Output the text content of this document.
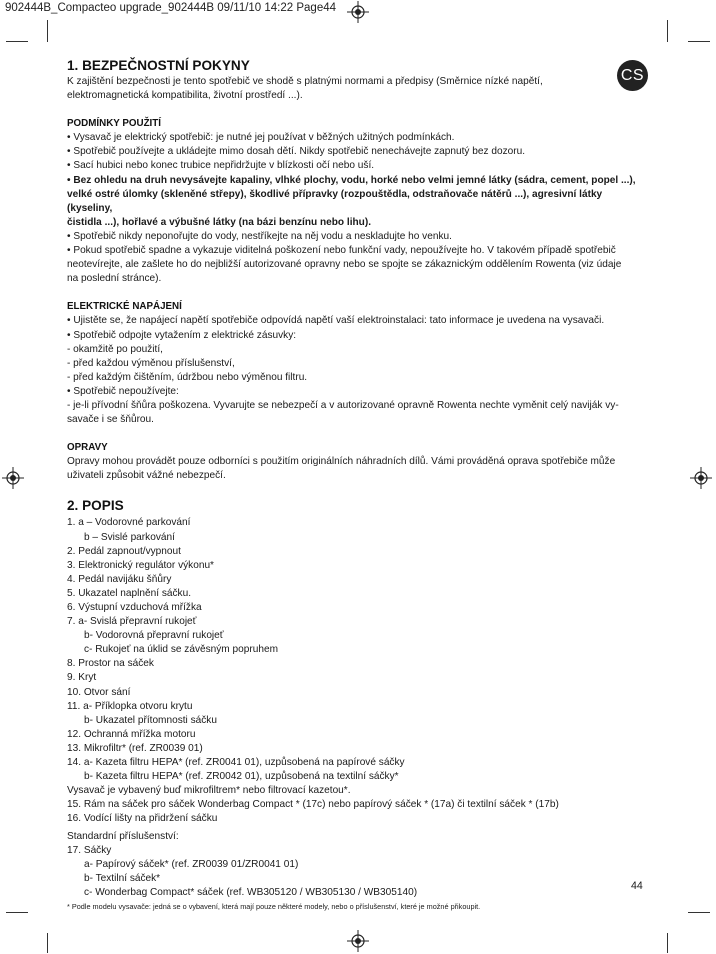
902444B_Compacteo upgrade_902444B 09/11/10 14:22 Page44
CS
1. BEZPEČNOSTNÍ POKYNY
K zajištění bezpečnosti je tento spotřebič ve shodě s platnými normami a předpisy (Směrnice nízké napětí,
elektromagnetická kompatibilita, životní prostředí ...).
PODMÍNKY POUŽITÍ
• Vysavač je elektrický spotřebič: je nutné jej používat v běžných užitných podmínkách.
• Spotřebič používejte a ukládejte mimo dosah dětí. Nikdy spotřebič nenechávejte zapnutý bez dozoru.
• Sací hubici nebo konec trubice nepřidržujte v blízkosti očí nebo uší.
• Bez ohledu na druh nevysávejte kapaliny, vlhké plochy, vodu, horké nebo velmi jemné látky (sádra, cement, popel ...),
velké ostré úlomky (skleněné střepy), škodlivé přípravky (rozpouštědla, odstraňovače nátěrů ...), agresivní látky (kyseliny,
čistidla ...), hořlavé a výbušné látky (na bázi benzínu nebo lihu).
• Spotřebič nikdy neponořujte do vody, nestříkejte na něj vodu a neskladujte ho venku.
• Pokud spotřebič spadne a vykazuje viditelná poškození nebo funkční vady, nepoužívejte ho. V takovém případě spotřebič
neotevírejte, ale zašlete ho do nejbližší autorizované opravny nebo se spojte se zákaznickým oddělením Rowenta (viz údaje
na poslední stránce).
ELEKTRICKÉ NAPÁJENÍ
• Ujistěte se, že napájecí napětí spotřebiče odpovídá napětí vaší elektroinstalaci: tato informace je uvedena na vysavači.
• Spotřebič odpojte vytažením z elektrické zásuvky:
- okamžitě po použití,
- před každou výměnou příslušenství,
- před každým čištěním, údržbou nebo výměnou filtru.
• Spotřebič nepoužívejte:
- je-li přívodní šňůra poškozena. Vyvarujte se nebezpečí a v autorizované opravně Rowenta nechte vyměnit celý naviják vy-
savače i se šňůrou.
OPRAVY
Opravy mohou provádět pouze odborníci s použitím originálních náhradních dílů. Vámi prováděná oprava spotřebiče může
uživateli způsobit vážné nebezpečí.
2. POPIS
1. a – Vodorovné parkování
b – Svislé parkování
2. Pedál zapnout/vypnout
3. Elektronický regulátor výkonu*
4. Pedál navijáku šňůry
5. Ukazatel naplnění sáčku.
6. Výstupní vzduchová mřížka
7. a- Svislá přepravní rukojeť
b- Vodorovná přepravní rukojeť
c- Rukojeť na úklid se závěsným popruhem
8. Prostor na sáček
9. Kryt
10. Otvor sání
11. a- Příklopka otvoru krytu
b- Ukazatel přítomnosti sáčku
12. Ochranná mřížka motoru
13. Mikrofiltr* (ref. ZR0039 01)
14. a- Kazeta filtru HEPA* (ref. ZR0041 01), uzpůsobená na papírové sáčky
b- Kazeta filtru HEPA* (ref. ZR0042 01), uzpůsobená na textilní sáčky*
Vysavač je vybavený buď mikrofiltrem* nebo filtrovací kazetou*.
15. Rám na sáček pro sáček Wonderbag Compact * (17c) nebo papírový sáček * (17a) či textilní sáček * (17b)
16. Vodící lišty na přidržení sáčku
Standardní příslušenství:
17. Sáčky
a- Papírový sáček* (ref. ZR0039 01/ZR0041 01)
b- Textilní sáček*
c- Wonderbag Compact* sáček (ref. WB305120 / WB305130 / WB305140)
* Podle modelu vysavače: jedná se o vybavení, která mají pouze některé modely, nebo o příslušenství, které je možné přikoupit.
44
